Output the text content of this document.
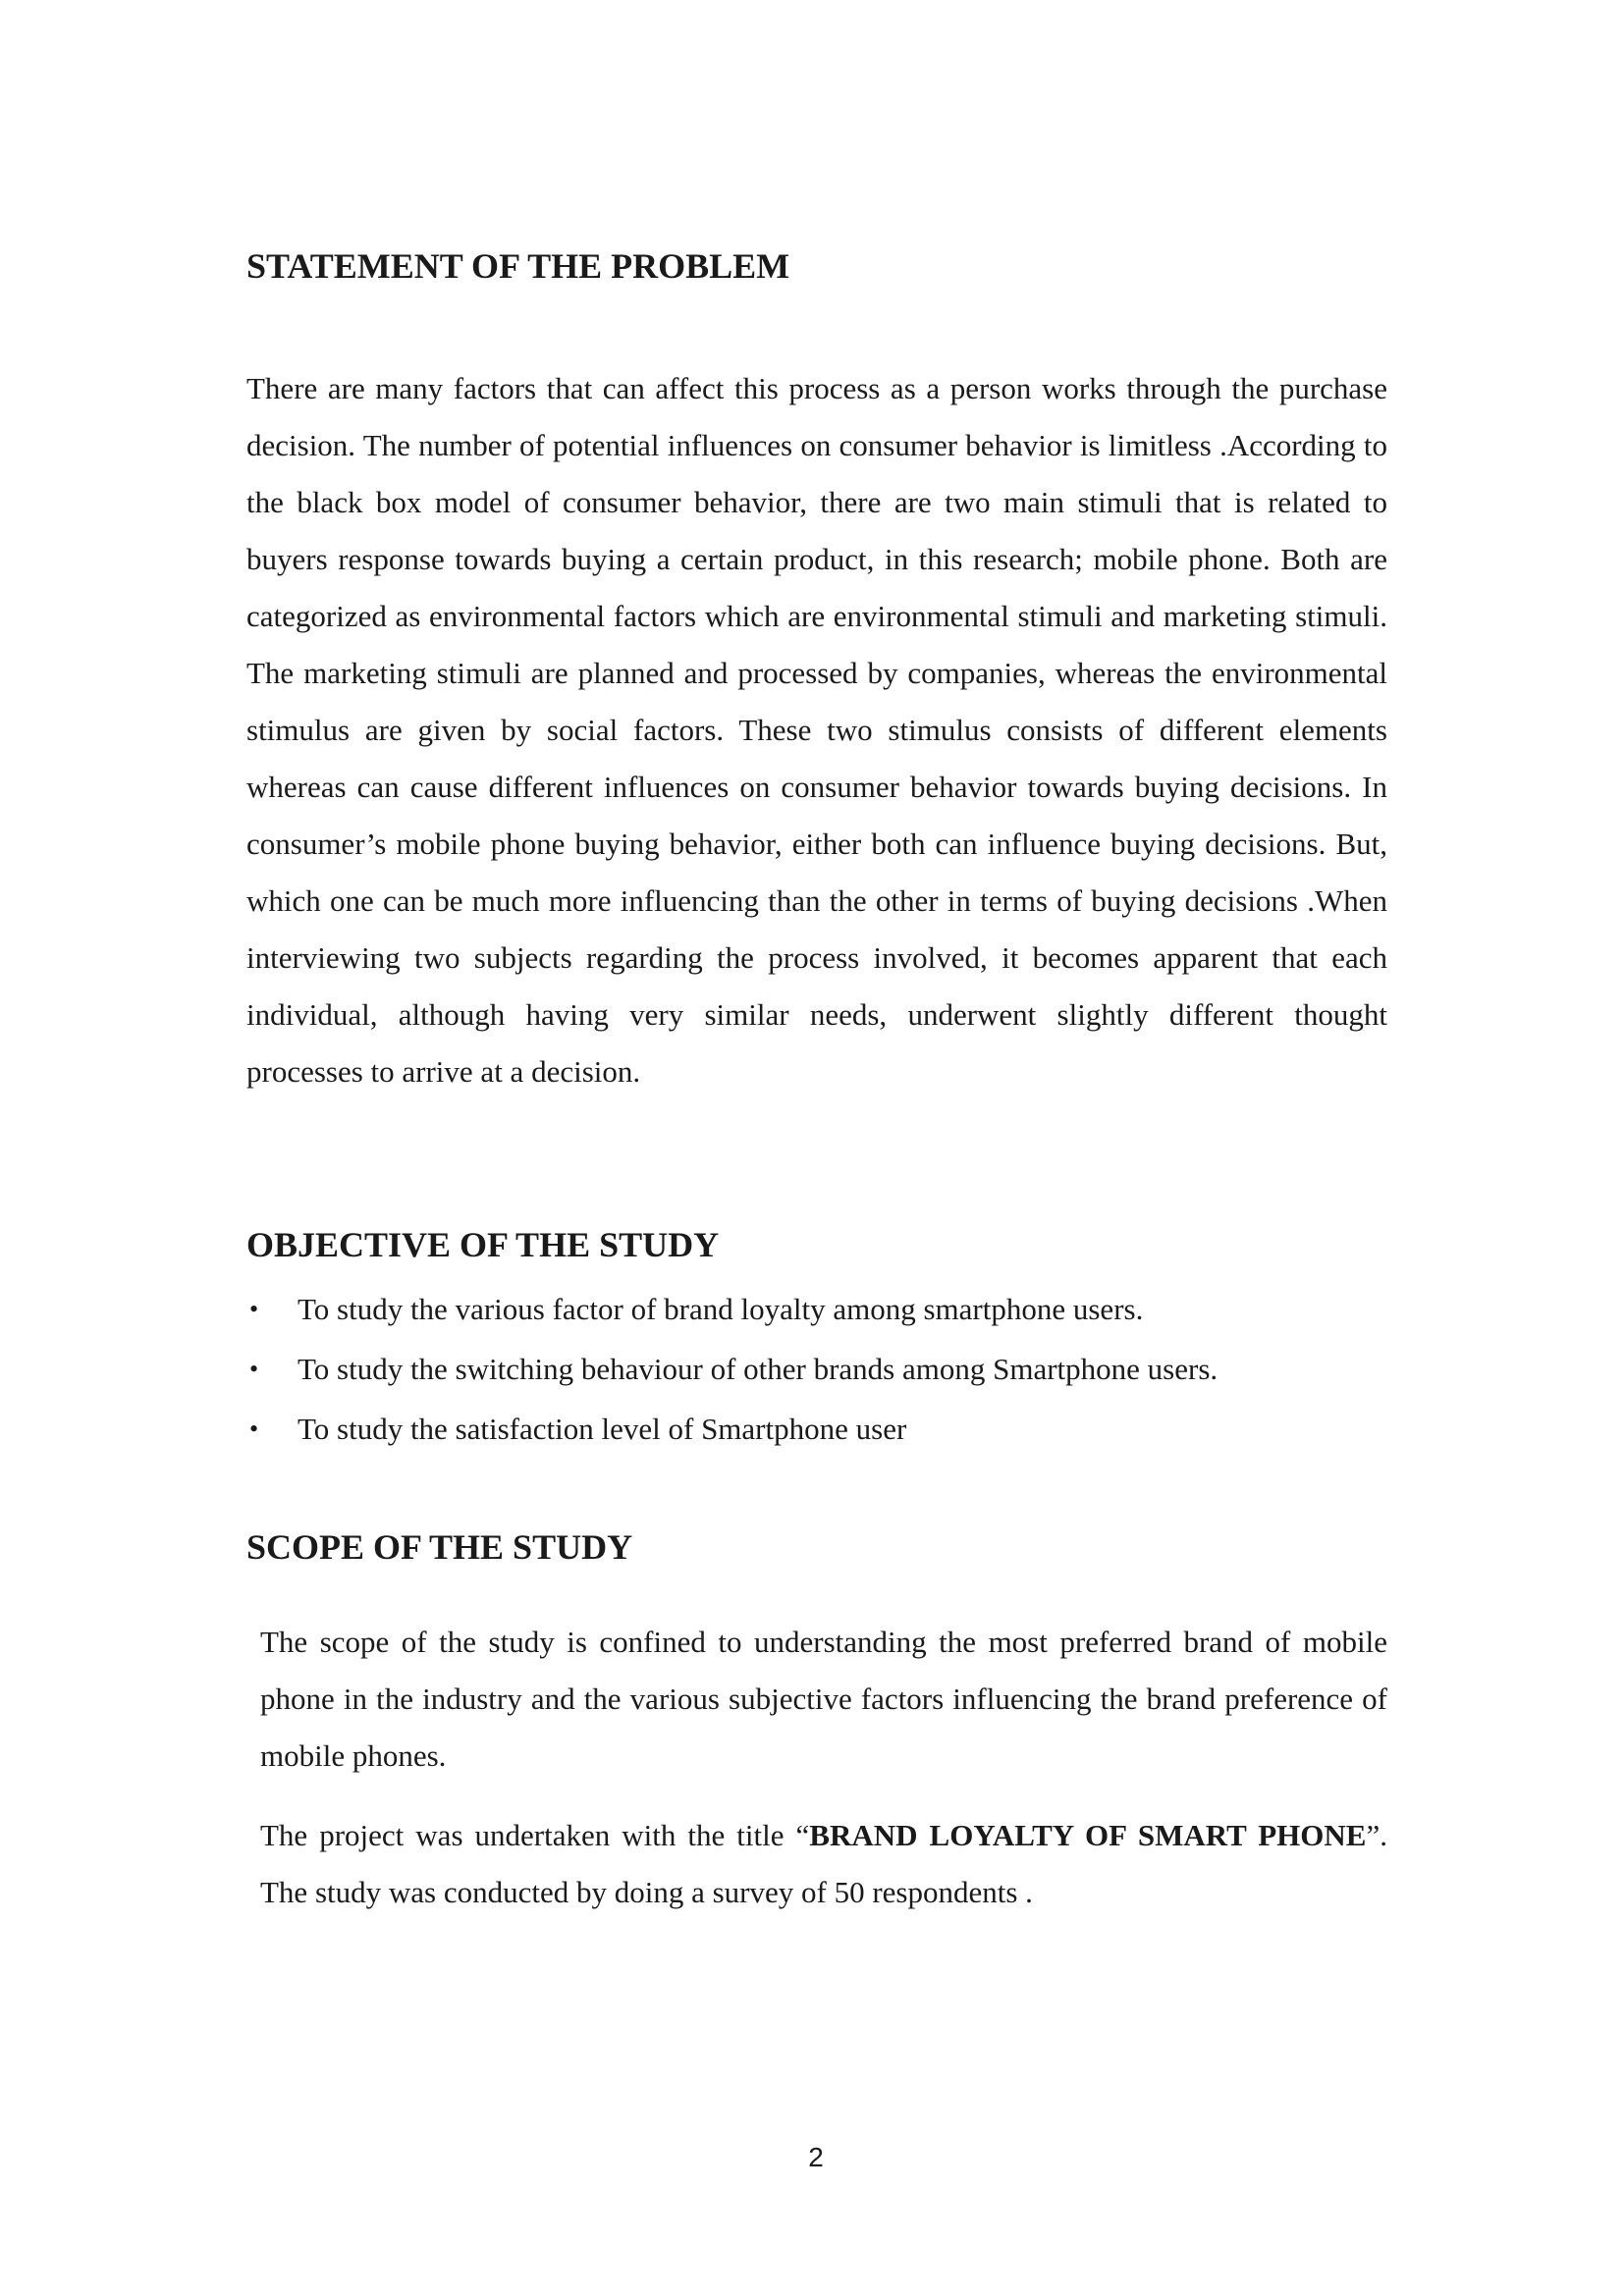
STATEMENT OF THE PROBLEM

There are many factors that can affect this process as a person works through the purchase decision. The number of potential influences on consumer behavior is limitless .According to the black box model of consumer behavior, there are two main stimuli that is related to buyers response towards buying a certain product, in this research; mobile phone. Both are categorized as environmental factors which are environmental stimuli and marketing stimuli. The marketing stimuli are planned and processed by companies, whereas the environmental stimulus are given by social factors. These two stimulus consists of different elements whereas can cause different influences on consumer behavior towards buying decisions. In consumer’s mobile phone buying behavior, either both can influence buying decisions. But, which one can be much more influencing than the other in terms of buying decisions .When interviewing two subjects regarding the process involved, it becomes apparent that each individual, although having very similar needs, underwent slightly different thought processes to arrive at a decision.

OBJECTIVE OF THE STUDY
• To study the various factor of brand loyalty among smartphone users.
• To study the switching behaviour of other brands among Smartphone users.
• To study the satisfaction level of Smartphone user
SCOPE OF THE STUDY

The scope of the study is confined to understanding the most preferred brand of mobile phone in the industry and the various subjective factors influencing the brand preference of mobile phones.

The project was undertaken with the title “BRAND LOYALTY OF SMART PHONE”. The study was conducted by doing a survey of 50 respondents .

2
